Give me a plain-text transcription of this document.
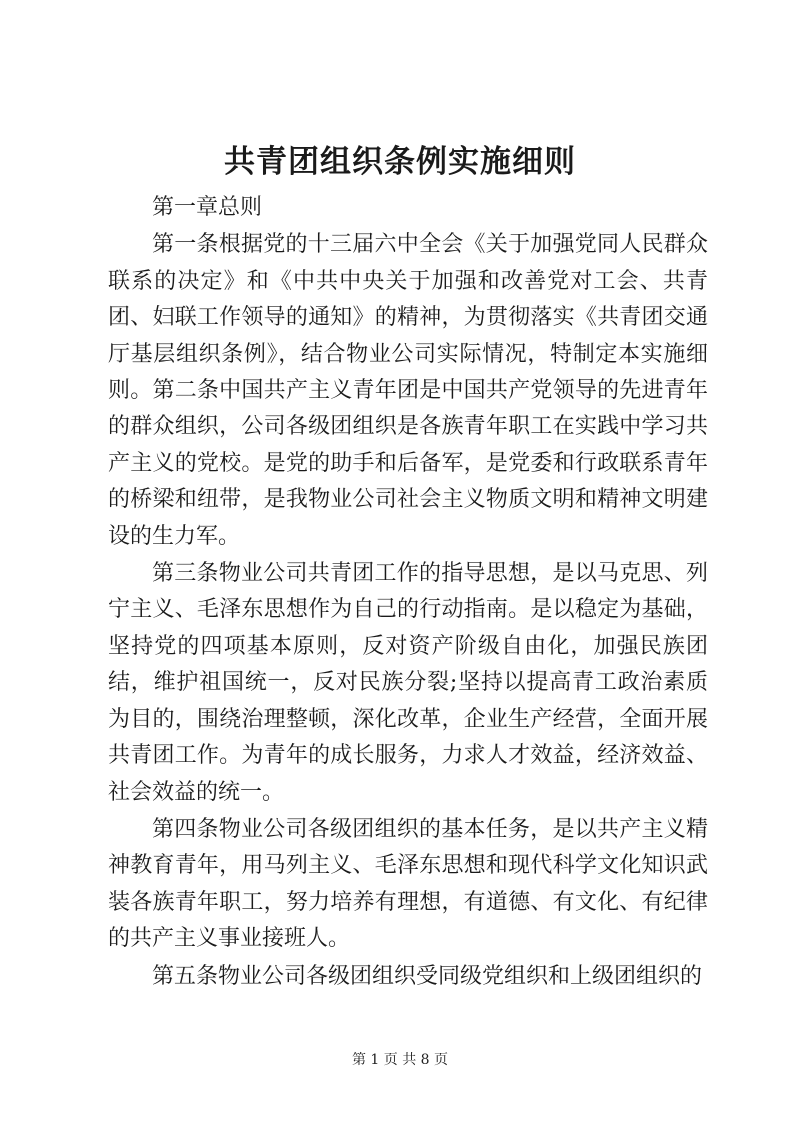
共青团组织条例实施细则

第一章总则

第一条根据党的十三届六中全会《关于加强党同人民群众联系的决定》和《中共中央关于加强和改善党对工会、共青团、妇联工作领导的通知》的精神，为贯彻落实《共青团交通厅基层组织条例》，结合物业公司实际情况，特制定本实施细则。第二条中国共产主义青年团是中国共产党领导的先进青年的群众组织，公司各级团组织是各族青年职工在实践中学习共产主义的党校。是党的助手和后备军，是党委和行政联系青年的桥梁和纽带，是我物业公司社会主义物质文明和精神文明建设的生力军。

第三条物业公司共青团工作的指导思想，是以马克思、列宁主义、毛泽东思想作为自己的行动指南。是以稳定为基础，坚持党的四项基本原则，反对资产阶级自由化，加强民族团结，维护祖国统一，反对民族分裂;坚持以提高青工政治素质为目的，围绕治理整顿，深化改革，企业生产经营，全面开展共青团工作。为青年的成长服务，力求人才效益，经济效益、社会效益的统一。

第四条物业公司各级团组织的基本任务，是以共产主义精神教育青年，用马列主义、毛泽东思想和现代科学文化知识武装各族青年职工，努力培养有理想，有道德、有文化、有纪律的共产主义事业接班人。

第五条物业公司各级团组织受同级党组织和上级团组织的

第 1 页 共 8 页
